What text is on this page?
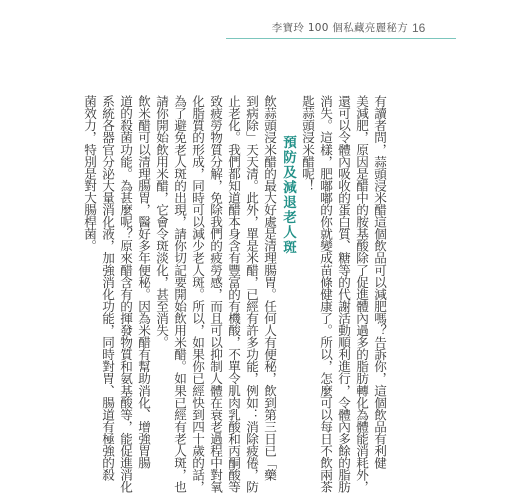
李寶玲 100 個私藏亮麗秘方 16
有讀者問，蒜頭浸米醋這個飲品可以減肥嗎？告訴你，這個飲品有利健
美減肥，原因是醋中的胺基酸除了促進體內過多的脂肪轉化為體能消耗外，
還可以令體內吸收的蛋白質、糖等的代謝活動順利進行，令體內多餘的脂肪
消失。這樣，肥嘟嘟的你就變成苗條健康了。所以，怎麼可以每日不飲兩茶
匙蒜頭浸米醋呢！
預防及減退老人斑
飲蒜頭浸米醋的最大好處是清理腸胃。任何人有便秘，飲到第三日已「藥
到病除」天天清。此外，單是米醋，已經有許多功能，例如：消除疲倦，防
止老化。我們都知道醋本身含有豐富的有機酸，不單令肌肉乳酸和丙酮酸等
致疲勞物質分解，免除我們的疲勞感，而且可以抑制人體在衰老過程中對氧
化脂質的形成，同時可以減少老人斑。所以，如果你已經快到四十歲的話，
為了避免老人斑的出現，請你切記要開始飲用米醋。如果已經有老人斑，也
請你開始飲用米醋，它會令斑淡化，甚至消失。
飲米醋可以清理腸胃，醫好多年便秘。因為米醋有幫助消化、增強胃腸
道的殺菌功能。為甚麼呢？原來醋含有的揮發物質和氨基酸等，能促進消化
系統各器官分泌大量消化液，加強消化功能，同時對胃、腸道有極強的殺
菌效力，特別是對大腸桿菌。
